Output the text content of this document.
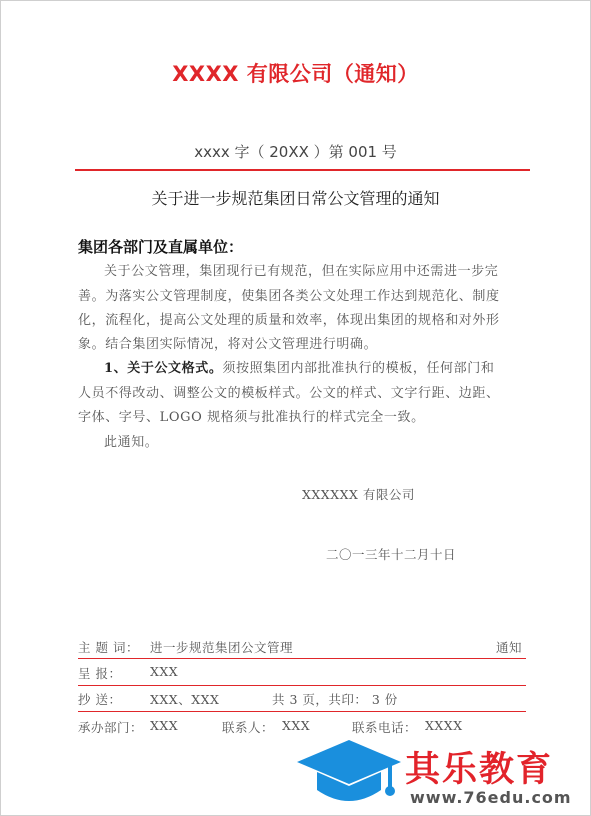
XXXX 有限公司（通知）
xxxx 字（ 20XX ）第 001 号
关于进一步规范集团日常公文管理的通知
集团各部门及直属单位：
关于公文管理，集团现行已有规范，但在实际应用中还需进一步完
善。为落实公文管理制度，使集团各类公文处理工作达到规范化、制度
化，流程化，提高公文处理的质量和效率，体现出集团的规格和对外形
象。结合集团实际情况，将对公文管理进行明确。
1、关于公文格式。须按照集团内部批准执行的模板，任何部门和
人员不得改动、调整公文的模板样式。公文的样式、文字行距、边距、
字体、字号、LOGO 规格须与批准执行的样式完全一致。
此通知。
XXXXXX 有限公司
二〇一三年十二月十日
主 题 词： 进一步规范集团公文管理	通知
呈 报： XXX
抄 送： XXX、XXX	共 3 页，共印： 3 份
承办部门： XXX	联系人： XXX	联系电话： XXXX
其乐教育
www.76edu.com
